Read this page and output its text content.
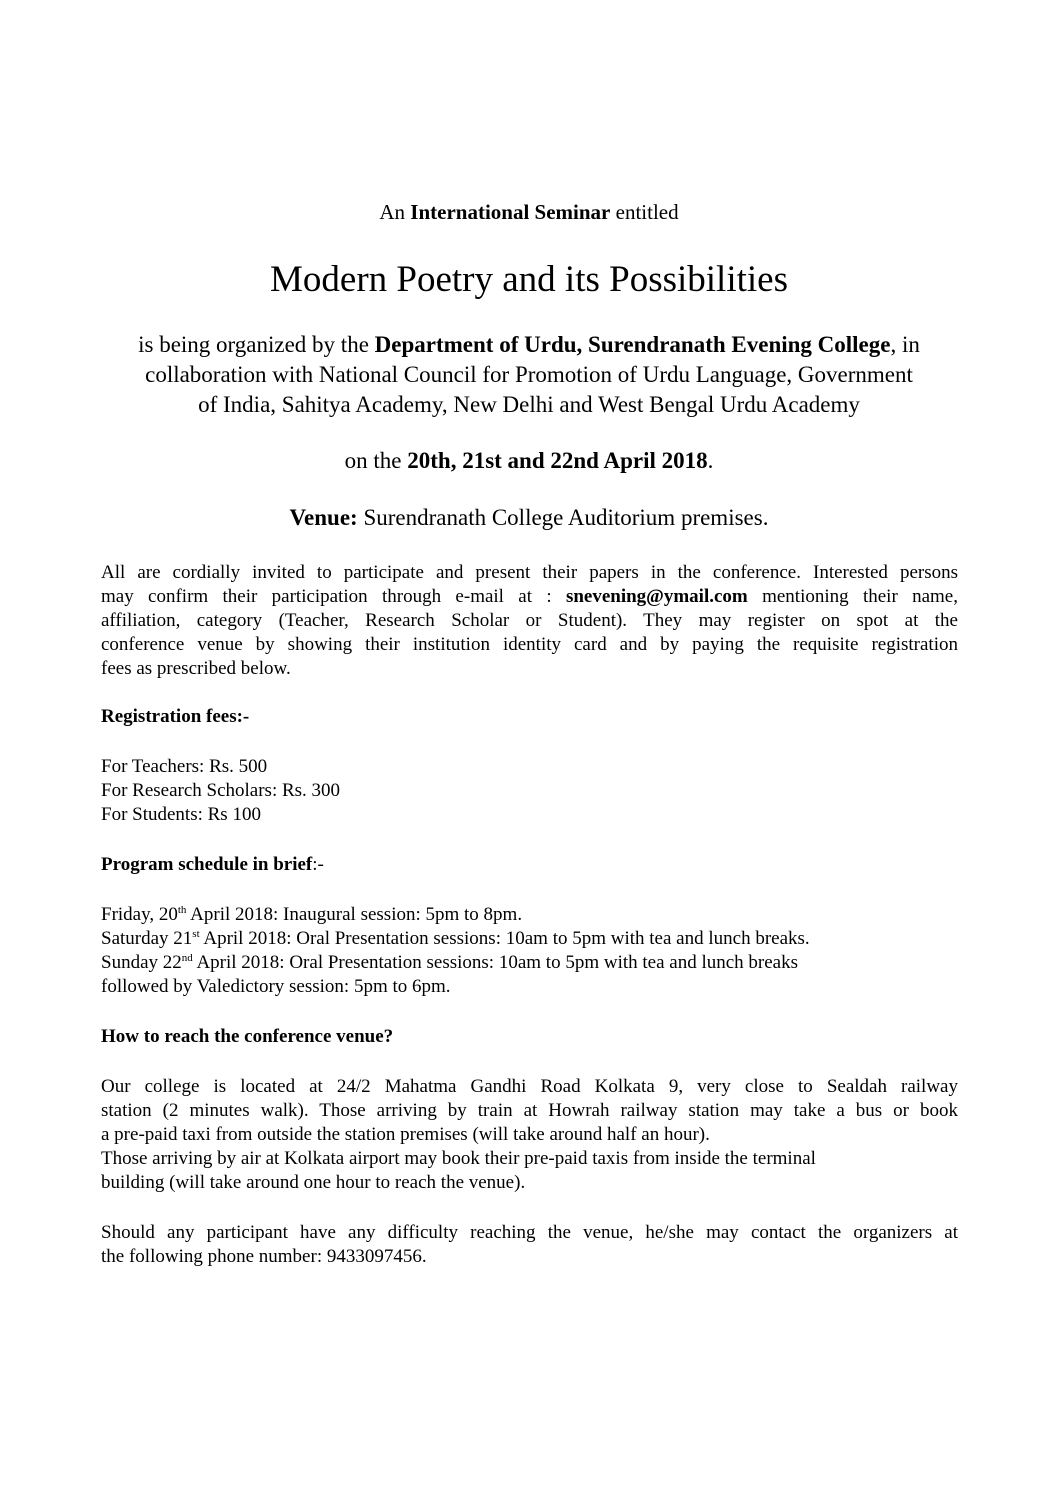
An International Seminar entitled
Modern Poetry and its Possibilities
is being organized by the Department of Urdu, Surendranath Evening College, in
collaboration with National Council for Promotion of Urdu Language, Government
of India, Sahitya Academy, New Delhi and West Bengal Urdu Academy
on the 20th, 21st and 22nd April 2018.
Venue: Surendranath College Auditorium premises.
All are cordially invited to participate and present their papers in the conference. Interested persons
may confirm their participation through e-mail at : snevening@ymail.com mentioning their name,
affiliation, category (Teacher, Research Scholar or Student). They may register on spot at the
conference venue by showing their institution identity card and by paying the requisite registration
fees as prescribed below.
Registration fees:-
For Teachers: Rs. 500
For Research Scholars: Rs. 300
For Students: Rs 100
Program schedule in brief:-
Friday, 20th April 2018: Inaugural session: 5pm to 8pm.
Saturday 21st April 2018: Oral Presentation sessions: 10am to 5pm with tea and lunch breaks.
Sunday 22nd April 2018: Oral Presentation sessions: 10am to 5pm with tea and lunch breaks
followed by Valedictory session: 5pm to 6pm.
How to reach the conference venue?
Our college is located at 24/2 Mahatma Gandhi Road Kolkata 9, very close to Sealdah railway
station (2 minutes walk). Those arriving by train at Howrah railway station may take a bus or book
a pre-paid taxi from outside the station premises (will take around half an hour).
Those arriving by air at Kolkata airport may book their pre-paid taxis from inside the terminal
building (will take around one hour to reach the venue).
Should any participant have any difficulty reaching the venue, he/she may contact the organizers at
the following phone number: 9433097456.
